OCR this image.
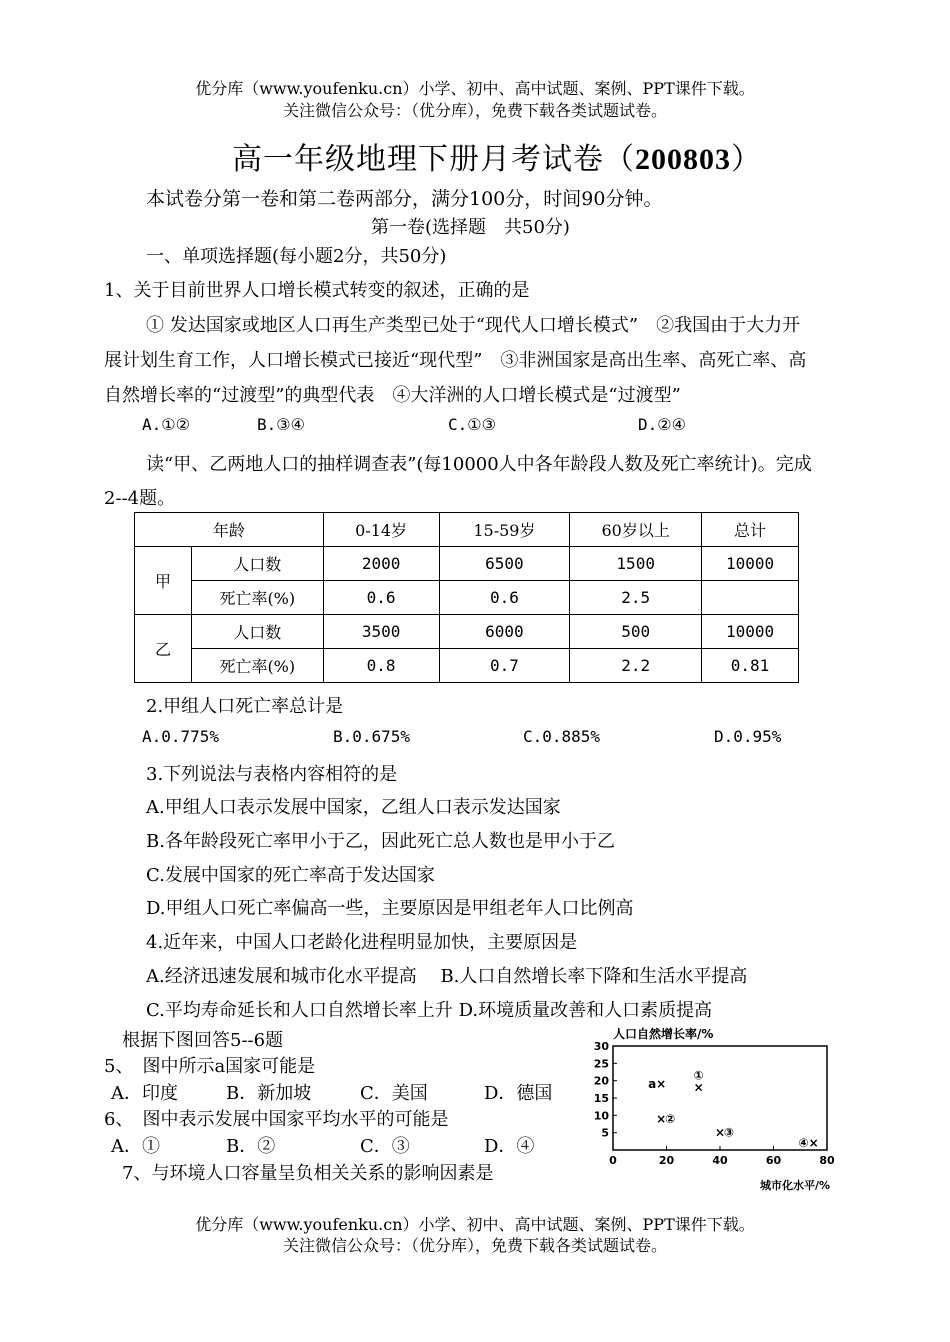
优分库（www.youfenku.cn）小学、初中、高中试题、案例、PPT课件下载。
关注微信公众号：（优分库），免费下载各类试题试卷。
高一年级地理下册月考试卷（200803）
本试卷分第一卷和第二卷两部分，满分100分，时间90分钟。
第一卷(选择题　共50分)
一、单项选择题(每小题2分，共50分)
1、关于目前世界人口增长模式转变的叙述，正确的是
① 发达国家或地区人口再生产类型已处于“现代人口增长模式”　②我国由于大力开
展计划生育工作，人口增长模式已接近“现代型”　③非洲国家是高出生率、高死亡率、高
自然增长率的“过渡型”的典型代表　④大洋洲的人口增长模式是“过渡型”
A.①②	B.③④	C.①③	D.②④
读“甲、乙两地人口的抽样调查表”(每10000人中各年龄段人数及死亡率统计)。完成
2--4题。
年龄		0-14岁	15-59岁	60岁以上	总计
甲	人口数	2000	6500	1500	10000
	死亡率(%)	0.6	0.6	2.5	
乙	人口数	3500	6000	500	10000
	死亡率(%)	0.8	0.7	2.2	0.81
2.甲组人口死亡率总计是
A.0.775%	B.0.675%	C.0.885%	D.0.95%
3.下列说法与表格内容相符的是
A.甲组人口表示发展中国家，乙组人口表示发达国家
B.各年龄段死亡率甲小于乙，因此死亡总人数也是甲小于乙
C.发展中国家的死亡率高于发达国家
D.甲组人口死亡率偏高一些，主要原因是甲组老年人口比例高
4.近年来，中国人口老龄化进程明显加快，主要原因是
A.经济迅速发展和城市化水平提高　 B.人口自然增长率下降和生活水平提高
C.平均寿命延长和人口自然增长率上升 D.环境质量改善和人口素质提高
根据下图回答5--6题
5、　图中所示a国家可能是
A．印度	B．新加坡	C．美国	D．德国
6、　图中表示发展中国家平均水平的可能是
A．①	B．②	C．③	D．④
7、与环境人口容量呈负相关关系的影响因素是
人口自然增长率/%
30
25
20
15
10
5
0	20	40	60	80
×
a	×
①
×
②
×
③
×
④
城市化水平/%
优分库（www.youfenku.cn）小学、初中、高中试题、案例、PPT课件下载。
关注微信公众号：（优分库），免费下载各类试题试卷。
